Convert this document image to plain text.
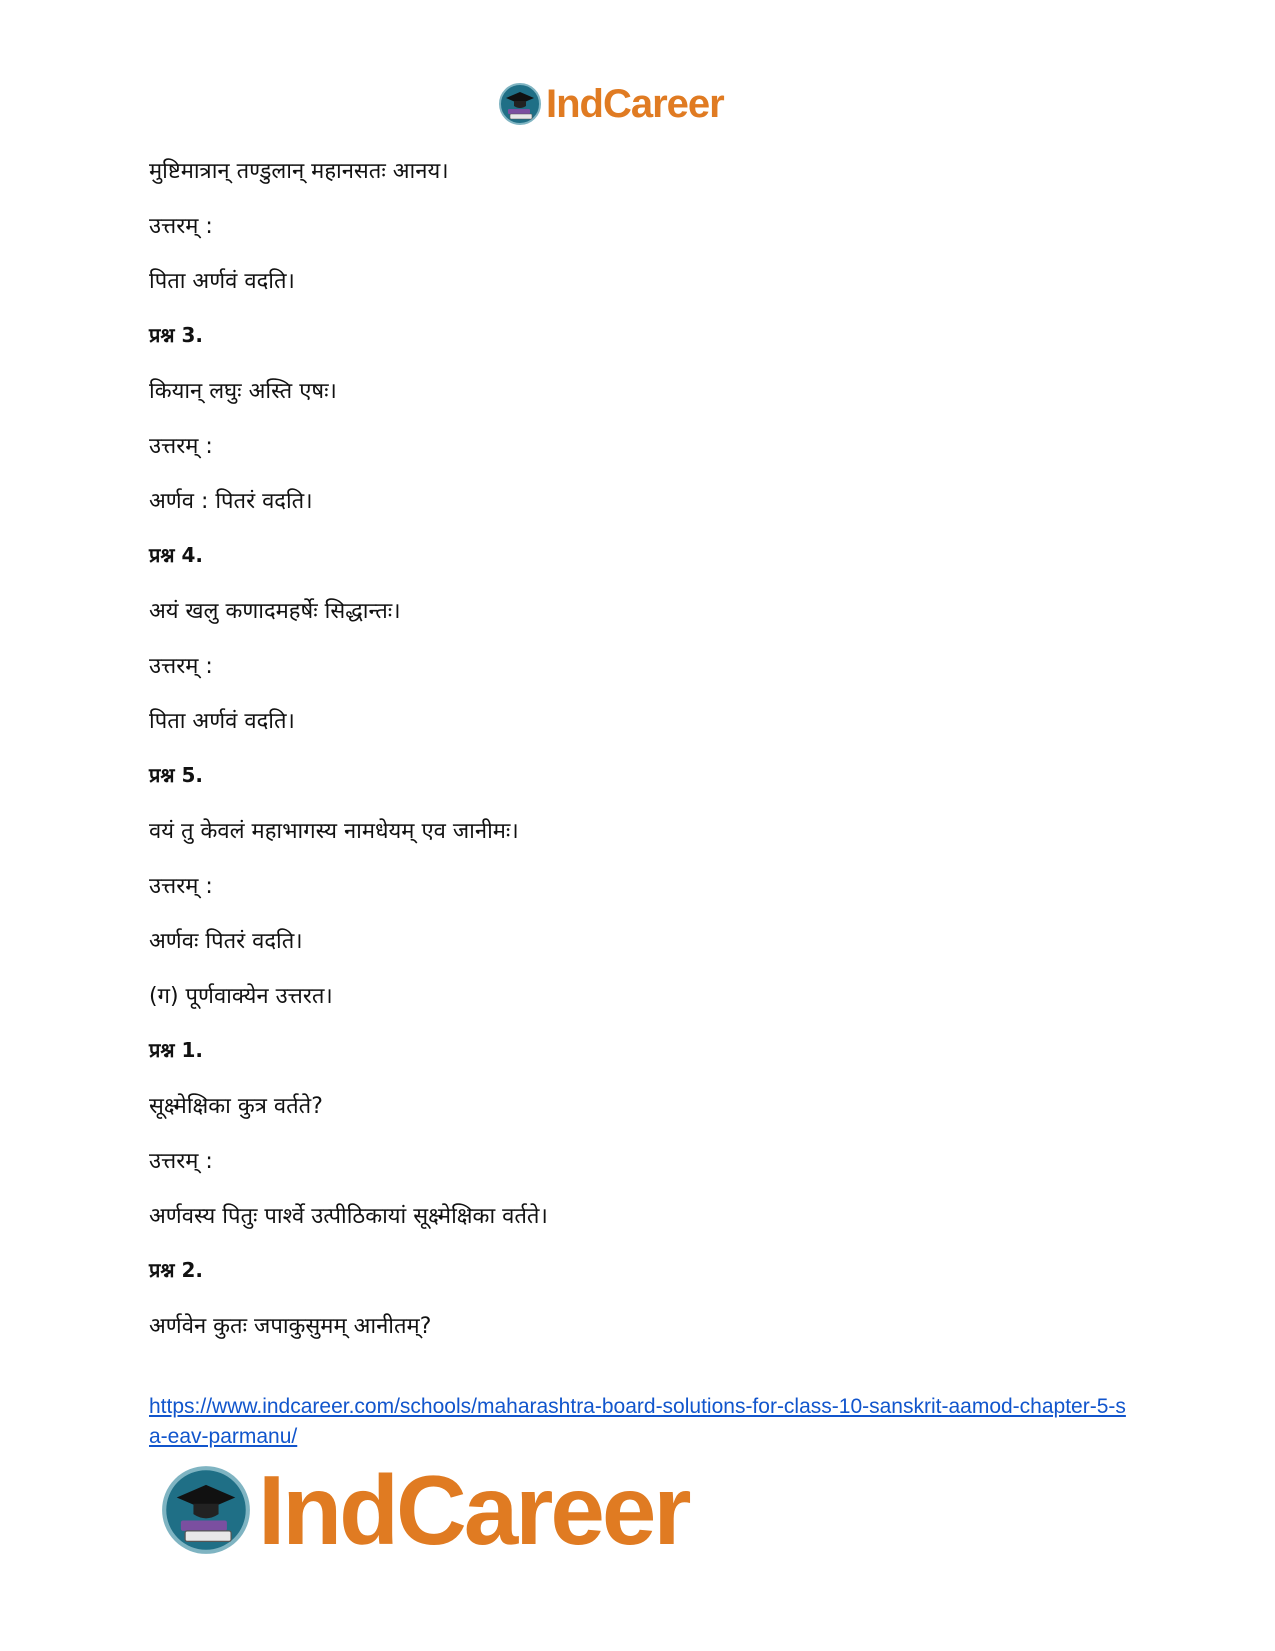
IndCareer
मुष्टिमात्रान् तण्डुलान् महानसतः आनय।
उत्तरम् :
पिता अर्णवं वदति।
प्रश्न 3.
कियान् लघुः अस्ति एषः।
उत्तरम् :
अर्णव : पितरं वदति।
प्रश्न 4.
अयं खलु कणादमहर्षेः सिद्धान्तः।
उत्तरम् :
पिता अर्णवं वदति।
प्रश्न 5.
वयं तु केवलं महाभागस्य नामधेयम् एव जानीमः।
उत्तरम् :
अर्णवः पितरं वदति।
(ग) पूर्णवाक्येन उत्तरत।
प्रश्न 1.
सूक्ष्मेक्षिका कुत्र वर्तते?
उत्तरम् :
अर्णवस्य पितुः पार्श्वे उत्पीठिकायां सूक्ष्मेक्षिका वर्तते।
प्रश्न 2.
अर्णवेन कुतः जपाकुसुमम् आनीतम्?
https://www.indcareer.com/schools/maharashtra-board-solutions-for-class-10-sanskrit-aamod-chapter-5-sa-eav-parmanu/
IndCareer
